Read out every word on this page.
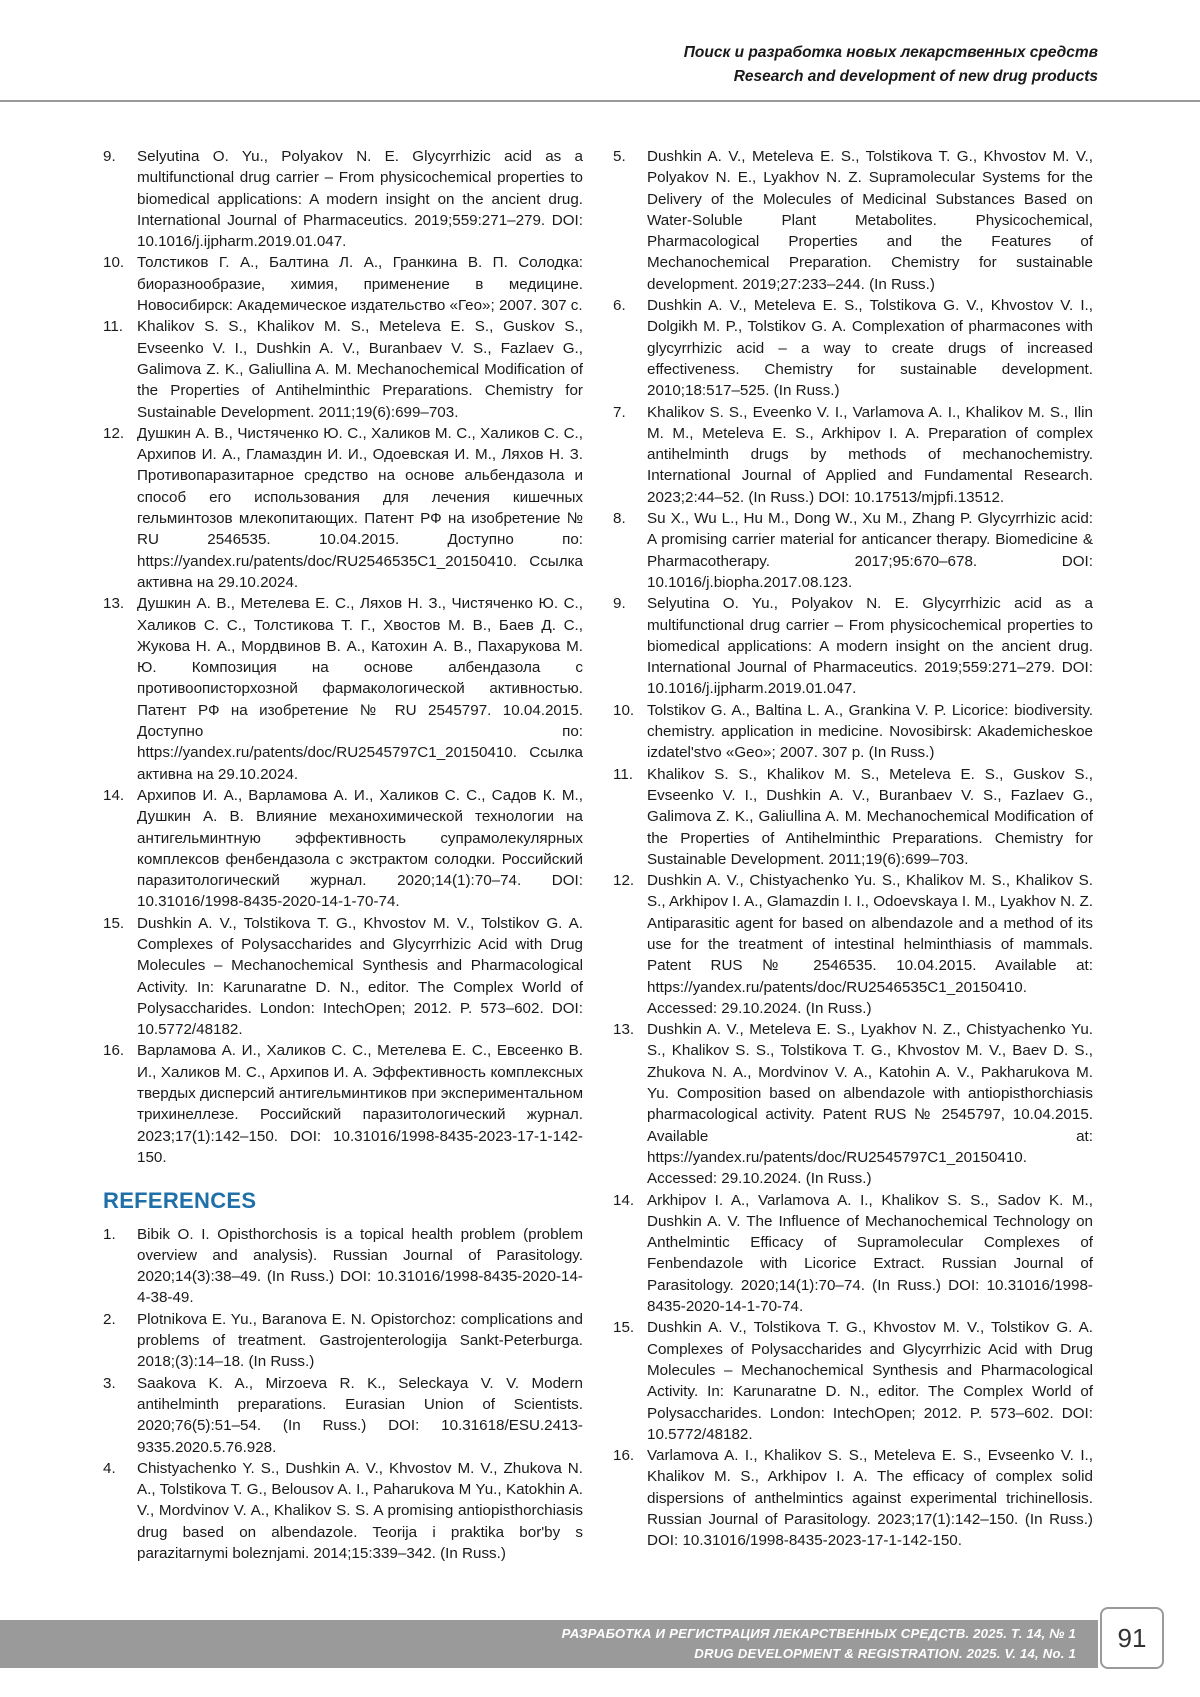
Поиск и разработка новых лекарственных средств
Research and development of new drug products
9. Selyutina O. Yu., Polyakov N. E. Glycyrrhizic acid as a multifunctional drug carrier – From physicochemical properties to biomedical applications: A modern insight on the ancient drug. International Journal of Pharmaceutics. 2019;559:271–279. DOI: 10.1016/j.ijpharm.2019.01.047.
10. Толстиков Г. А., Балтина Л. А., Гранкина В. П. Солодка: биоразнообразие, химия, применение в медицине. Новосибирск: Академическое издательство «Гео»; 2007. 307 с.
11. Khalikov S. S., Khalikov M. S., Meteleva E. S., Guskov S., Evseenko V. I., Dushkin A. V., Buranbaev V. S., Fazlaev G., Galimova Z. K., Galiullina A. M. Mechanochemical Modification of the Properties of Antihelminthic Preparations. Chemistry for Sustainable Development. 2011;19(6):699–703.
12. Душкин А. В., Чистяченко Ю. С., Халиков М. С., Халиков С. С., Архипов И. А., Гламаздин И. И., Одоевская И. М., Ляхов Н. З. Противопаразитарное средство на основе альбендазола и способ его использования для лечения кишечных гельминтозов млекопитающих. Патент РФ на изобретение № RU 2546535. 10.04.2015. Доступно по: https://yandex.ru/patents/doc/RU2546535C1_20150410. Ссылка активна на 29.10.2024.
13. Душкин А. В., Метелева Е. С., Ляхов Н. З., Чистяченко Ю. С., Халиков С. С., Толстикова Т. Г., Хвостов М. В., Баев Д. С., Жукова Н. А., Мордвинов В. А., Катохин А. В., Пахарукова М. Ю. Композиция на основе албендазола с противоописторхозной фармакологической активностью. Патент РФ на изобретение № RU 2545797. 10.04.2015. Доступно по: https://yandex.ru/patents/doc/RU2545797C1_20150410. Ссылка активна на 29.10.2024.
14. Архипов И. А., Варламова А. И., Халиков С. С., Садов К. М., Душкин А. В. Влияние механохимической технологии на антигельминтную эффективность супрамолекулярных комплексов фенбендазола с экстрактом солодки. Российский паразитологический журнал. 2020;14(1):70–74. DOI: 10.31016/1998-8435-2020-14-1-70-74.
15. Dushkin A. V., Tolstikova T. G., Khvostov M. V., Tolstikov G. A. Complexes of Polysaccharides and Glycyrrhizic Acid with Drug Molecules – Mechanochemical Synthesis and Pharmacological Activity. In: Karunaratne D. N., editor. The Complex World of Polysaccharides. London: IntechOpen; 2012. P. 573–602. DOI: 10.5772/48182.
16. Варламова А. И., Халиков С. С., Метелева Е. С., Евсеенко В. И., Халиков М. С., Архипов И. А. Эффективность комплексных твердых дисперсий антигельминтиков при экспериментальном трихинеллезе. Российский паразитологический журнал. 2023;17(1):142–150. DOI: 10.31016/1998-8435-2023-17-1-142-150.
REFERENCES
1. Bibik O. I. Opisthorchosis is a topical health problem (problem overview and analysis). Russian Journal of Parasitology. 2020;14(3):38–49. (In Russ.) DOI: 10.31016/1998-8435-2020-14-4-38-49.
2. Plotnikova E. Yu., Baranova E. N. Opistorchoz: complications and problems of treatment. Gastrojenterologija Sankt-Peterburga. 2018;(3):14–18. (In Russ.)
3. Saakova K. A., Mirzoeva R. K., Seleckaya V. V. Modern antihelminth preparations. Eurasian Union of Scientists. 2020;76(5):51–54. (In Russ.) DOI: 10.31618/ESU.2413-9335.2020.5.76.928.
4. Chistyachenko Y. S., Dushkin A. V., Khvostov M. V., Zhukova N. A., Tolstikova T. G., Belousov A. I., Paharukova M Yu., Katokhin A. V., Mordvinov V. A., Khalikov S. S. A promising antiopisthorchiasis drug based on albendazole. Teorija i praktika bor'by s parazitarnymi boleznjami. 2014;15:339–342. (In Russ.)
5. Dushkin A. V., Meteleva E. S., Tolstikova T. G., Khvostov M. V., Polyakov N. E., Lyakhov N. Z. Supramolecular Systems for the Delivery of the Molecules of Medicinal Substances Based on Water-Soluble Plant Metabolites. Physicochemical, Pharmacological Properties and the Features of Mechanochemical Preparation. Chemistry for sustainable development. 2019;27:233–244. (In Russ.)
6. Dushkin A. V., Meteleva E. S., Tolstikova G. V., Khvostov V. I., Dolgikh M. P., Tolstikov G. A. Complexation of pharmacones with glycyrrhizic acid – a way to create drugs of increased effectiveness. Chemistry for sustainable development. 2010;18:517–525. (In Russ.)
7. Khalikov S. S., Eveenko V. I., Varlamova A. I., Khalikov M. S., Ilin M. M., Meteleva E. S., Arkhipov I. A. Preparation of complex antihelminth drugs by methods of mechanochemistry. International Journal of Applied and Fundamental Research. 2023;2:44–52. (In Russ.) DOI: 10.17513/mjpfi.13512.
8. Su X., Wu L., Hu M., Dong W., Xu M., Zhang P. Glycyrrhizic acid: A promising carrier material for anticancer therapy. Biomedicine & Pharmacotherapy. 2017;95:670–678. DOI: 10.1016/j.biopha.2017.08.123.
9. Selyutina O. Yu., Polyakov N. E. Glycyrrhizic acid as a multifunctional drug carrier – From physicochemical properties to biomedical applications: A modern insight on the ancient drug. International Journal of Pharmaceutics. 2019;559:271–279. DOI: 10.1016/j.ijpharm.2019.01.047.
10. Tolstikov G. A., Baltina L. A., Grankina V. P. Licorice: biodiversity. chemistry. application in medicine. Novosibirsk: Akademicheskoe izdatel'stvo «Geo»; 2007. 307 p. (In Russ.)
11. Khalikov S. S., Khalikov M. S., Meteleva E. S., Guskov S., Evseenko V. I., Dushkin A. V., Buranbaev V. S., Fazlaev G., Galimova Z. K., Galiullina A. M. Mechanochemical Modification of the Properties of Antihelminthic Preparations. Chemistry for Sustainable Development. 2011;19(6):699–703.
12. Dushkin A. V., Chistyachenko Yu. S., Khalikov M. S., Khalikov S. S., Arkhipov I. A., Glamazdin I. I., Odoevskaya I. M., Lyakhov N. Z. Antiparasitic agent for based on albendazole and a method of its use for the treatment of intestinal helminthiasis of mammals. Patent RUS № 2546535. 10.04.2015. Available at: https://yandex.ru/patents/doc/RU2546535C1_20150410. Accessed: 29.10.2024. (In Russ.)
13. Dushkin A. V., Meteleva E. S., Lyakhov N. Z., Chistyachenko Yu. S., Khalikov S. S., Tolstikova T. G., Khvostov M. V., Baev D. S., Zhukova N. A., Mordvinov V. A., Katohin A. V., Pakharukova M. Yu. Composition based on albendazole with antiopisthorchiasis pharmacological activity. Patent RUS № 2545797, 10.04.2015. Available at: https://yandex.ru/patents/doc/RU2545797C1_20150410. Accessed: 29.10.2024. (In Russ.)
14. Arkhipov I. A., Varlamova A. I., Khalikov S. S., Sadov K. M., Dushkin A. V. The Influence of Mechanochemical Technology on Anthelmintic Efficacy of Supramolecular Complexes of Fenbendazole with Licorice Extract. Russian Journal of Parasitology. 2020;14(1):70–74. (In Russ.) DOI: 10.31016/1998-8435-2020-14-1-70-74.
15. Dushkin A. V., Tolstikova T. G., Khvostov M. V., Tolstikov G. A. Complexes of Polysaccharides and Glycyrrhizic Acid with Drug Molecules – Mechanochemical Synthesis and Pharmacological Activity. In: Karunaratne D. N., editor. The Complex World of Polysaccharides. London: IntechOpen; 2012. P. 573–602. DOI: 10.5772/48182.
16. Varlamova A. I., Khalikov S. S., Meteleva E. S., Evseenko V. I., Khalikov M. S., Arkhipov I. A. The efficacy of complex solid dispersions of anthelmintics against experimental trichinellosis. Russian Journal of Parasitology. 2023;17(1):142–150. (In Russ.) DOI: 10.31016/1998-8435-2023-17-1-142-150.
РАЗРАБОТКА И РЕГИСТРАЦИЯ ЛЕКАРСТВЕННЫХ СРЕДСТВ. 2025. Т. 14, № 1
DRUG DEVELOPMENT & REGISTRATION. 2025. V. 14, No. 1
91
